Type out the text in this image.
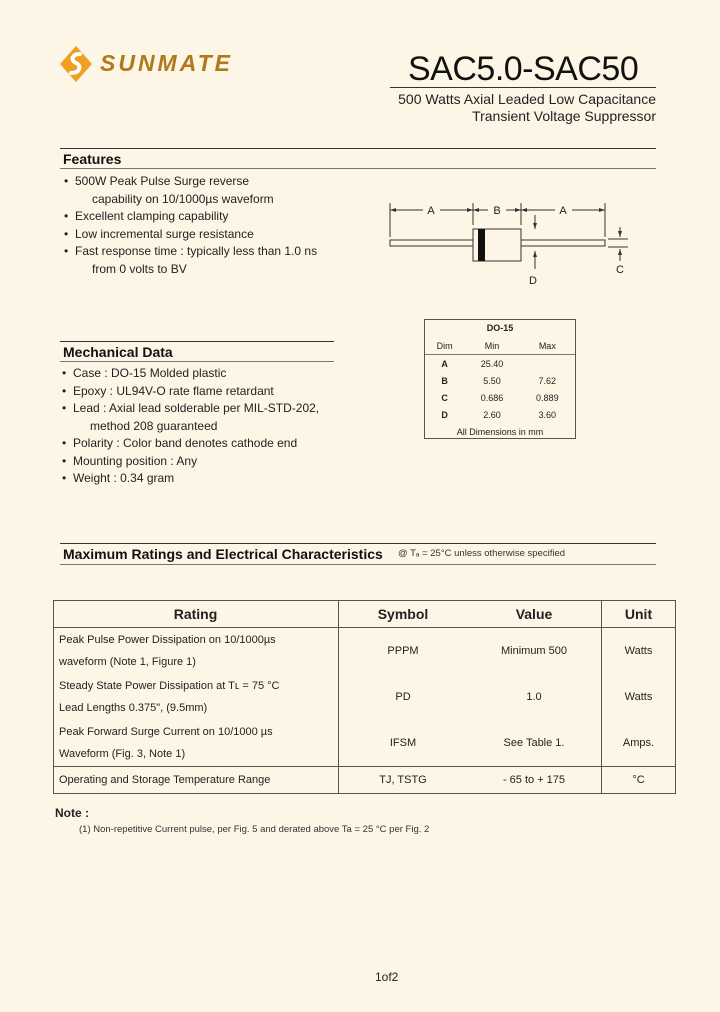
SUNMATE	SAC5.0-SAC50
500 Watts Axial Leaded Low Capacitance
Transient Voltage Suppressor
Features
• 500W Peak Pulse Surge reverse
capability on 10/1000µs waveform
• Excellent clamping capability
• Low incremental surge resistance
• Fast response time : typically less than 1.0 ns
from 0 volts to BV
A	B	A
C
D
DO-15
Dim	Min	Max
A	25.40	
B	5.50	7.62
C	0.686	0.889
D	2.60	3.60
All Dimensions in mm
Mechanical Data
• Case : DO-15 Molded plastic
• Epoxy : UL94V-O rate flame retardant
• Lead : Axial lead solderable per MIL-STD-202,
method 208 guaranteed
• Polarity : Color band denotes cathode end
• Mounting position : Any
• Weight : 0.34 gram
Maximum Ratings and Electrical Characteristics @ Tₐ = 25°C unless otherwise specified
Rating	Symbol	Value	Unit

Peak Pulse Power Dissipation on 10/1000µs
waveform (Note 1, Figure 1)	PPPM	Minimum 500	Watts

Steady State Power Dissipation at Tʟ = 75 °C
Lead Lengths 0.375", (9.5mm)	PD	1.0	Watts

Peak Forward Surge Current on 10/1000 µs
Waveform (Fig. 3, Note 1)	IFSM	See Table 1.	Amps.
Operating and Storage Temperature Range	TJ, TSTG	- 65 to + 175	°C
Note :
(1) Non-repetitive Current pulse, per Fig. 5 and derated above Ta = 25 °C per Fig. 2
1of2
